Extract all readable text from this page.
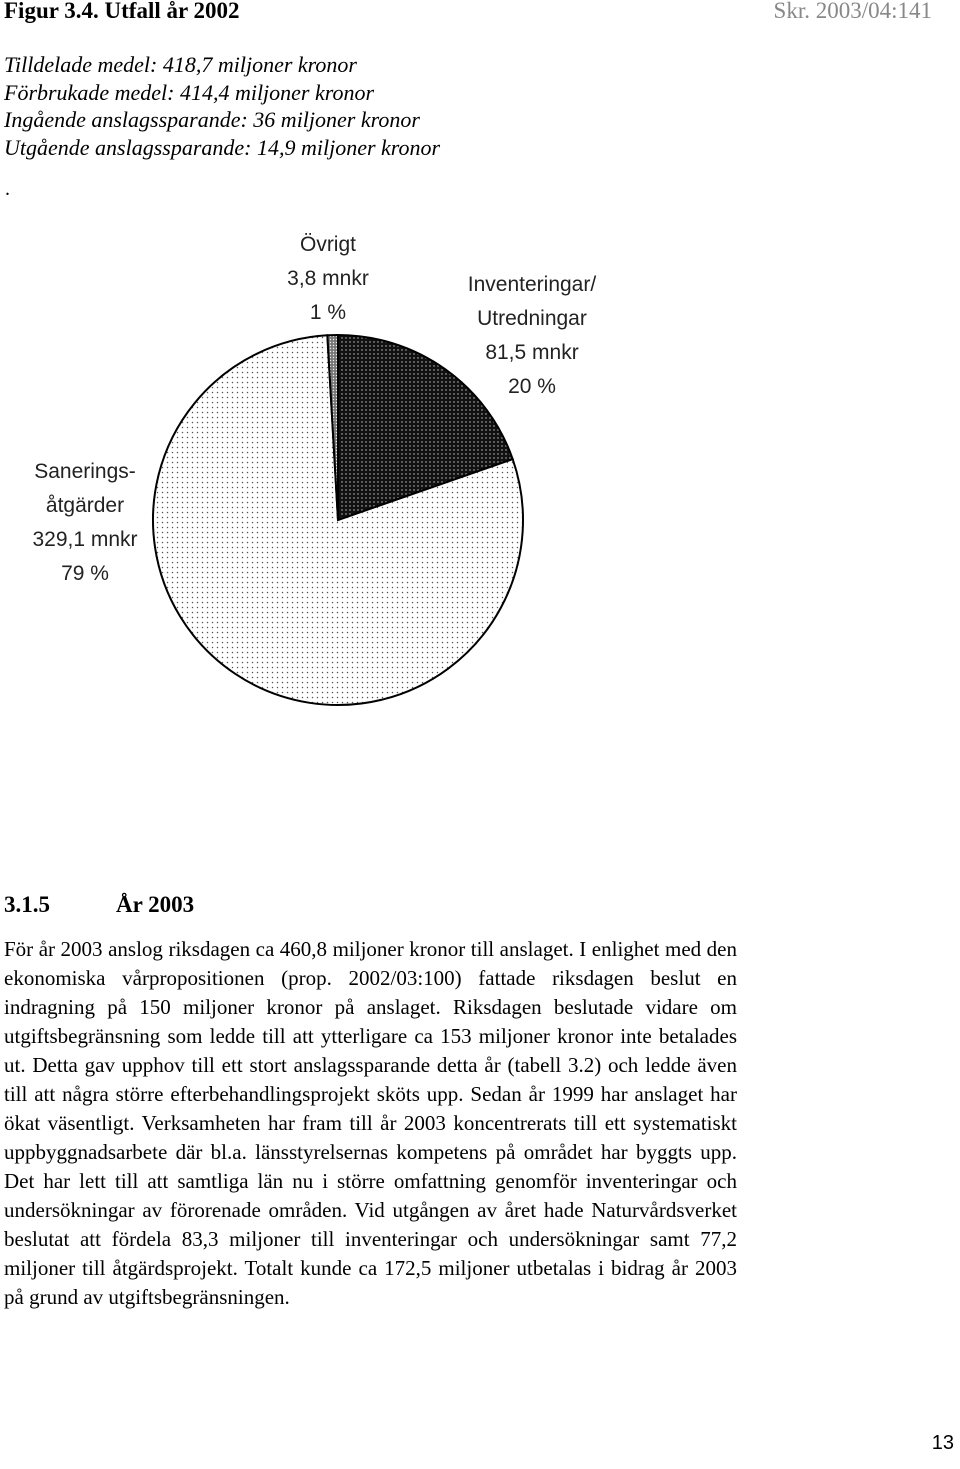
Figur 3.4. Utfall år 2002	Skr. 2003/04:141
Tilldelade medel: 418,7 miljoner kronor
Förbrukade medel: 414,4 miljoner kronor
Ingående anslagssparande: 36 miljoner kronor
Utgående anslagssparande: 14,9 miljoner kronor
.
Övrigt
3,8 mnkr
1 %
Inventeringar/
Utredningar
81,5 mnkr
20 %
Sanerings-
åtgärder
329,1 mnkr
79 %
3.1.5	År 2003
För år 2003 anslog riksdagen ca 460,8 miljoner kronor till anslaget. I enlighet med den ekonomiska vårpropositionen (prop. 2002/03:100) fattade riksdagen beslut en indragning på 150 miljoner kronor på anslaget. Riksdagen beslutade vidare om utgiftsbegränsning som ledde till att ytterligare ca 153 miljoner kronor inte betalades ut. Detta gav upphov till ett stort anslagssparande detta år (tabell 3.2) och ledde även till att några större efterbehandlingsprojekt sköts upp. Sedan år 1999 har anslaget har ökat väsentligt. Verksamheten har fram till år 2003 koncentrerats till ett systematiskt uppbyggnadsarbete där bl.a. länsstyrelsernas kompetens på området har byggts upp. Det har lett till att samtliga län nu i större omfattning genomför inventeringar och undersökningar av förorenade områden. Vid utgången av året hade Naturvårdsverket beslutat att fördela 83,3 miljoner till inventeringar och undersökningar samt 77,2 miljoner till åtgärdsprojekt. Totalt kunde ca 172,5 miljoner utbetalas i bidrag år 2003 på grund av utgiftsbegränsningen.
13
